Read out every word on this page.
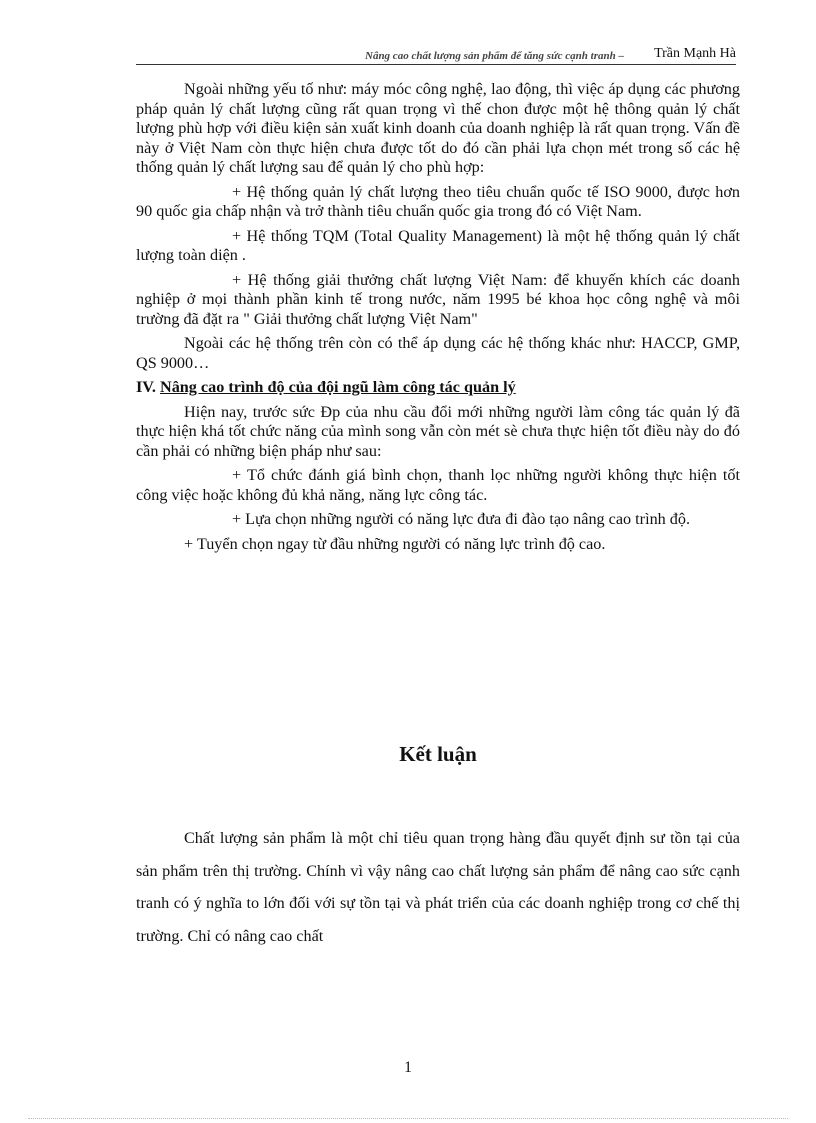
Nâng cao chất lượng sản phẩm để tăng sức cạnh tranh – Trần Mạnh Hà

Ngoài những yếu tố như: máy móc công nghệ, lao động, thì việc áp dụng các phương pháp quản lý chất lượng cũng rất quan trọng vì thế chon được một hệ thông quản lý chất lượng phù hợp với điều kiện sản xuất kinh doanh của doanh nghiệp là rất quan trọng. Vấn đề này ở Việt Nam còn thực hiện chưa được tốt do đó cần phải lựa chọn mét trong số các hệ thống quản lý chất lượng sau để quản lý cho phù hợp:

+ Hệ thống quản lý chất lượng theo tiêu chuẩn quốc tế ISO 9000, được hơn 90 quốc gia chấp nhận và trở thành tiêu chuẩn quốc gia trong đó có Việt Nam.

+ Hệ thống TQM (Total Quality Management) là một hệ thống quản lý chất lượng toàn diện .

+ Hệ thống giải thưởng chất lượng Việt Nam: để khuyến khích các doanh nghiệp ở mọi thành phần kinh tế trong nước, năm 1995 bé khoa học công nghệ và môi trường đã đặt ra " Giải thưởng chất lượng Việt Nam"

Ngoài các hệ thống trên còn có thể áp dụng các hệ thống khác như: HACCP, GMP, QS 9000…

IV. Nâng cao trình độ của đội ngũ làm công tác quản lý

Hiện nay, trước sức Đp của nhu cầu đổi mới những người làm công tác quản lý đã thực hiện khá tốt chức năng của mình song vẫn còn mét sè chưa thực hiện tốt điều này do đó cần phải có những biện pháp như sau:

+ Tổ chức đánh giá bình chọn, thanh lọc những người không thực hiện tốt công việc hoặc không đủ khả năng, năng lực công tác.

+ Lựa chọn những người có năng lực đưa đi đào tạo nâng cao trình độ.

+ Tuyển chọn ngay từ đầu những người có năng lực trình độ cao.

Kết luận

Chất lượng sản phẩm là một chỉ tiêu quan trọng hàng đầu quyết định sư tồn tại của sản phẩm trên thị trường. Chính vì vậy nâng cao chất lượng sản phẩm để nâng cao sức cạnh tranh có ý nghĩa to lớn đối với sự tồn tại và phát triển của các doanh nghiệp trong cơ chế thị trường. Chỉ có nâng cao chất

1
